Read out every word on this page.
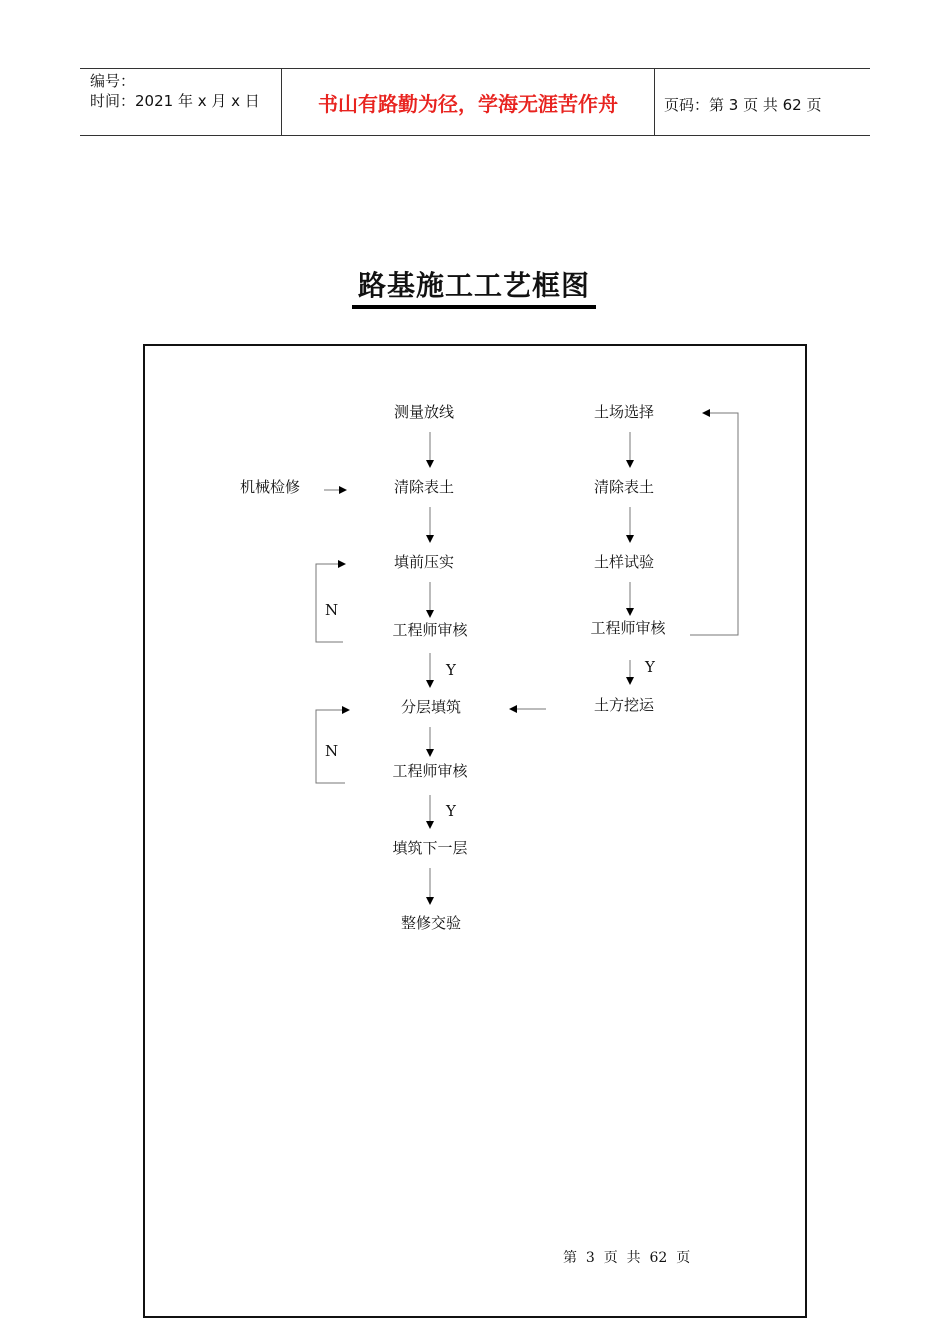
编号：
时间：2021 年 x 月 x 日	书山有路勤为径，学海无涯苦作舟	页码：第 3 页 共 62 页
路基施工工艺框图
测量放线
机械检修	清除表土
填前压实
工程师审核
分层填筑
工程师审核
填筑下一层
整修交验
土场选择
清除表土
土样试验
工程师审核
土方挖运
N
N
Y
Y
Y
第  3  页  共  62  页
